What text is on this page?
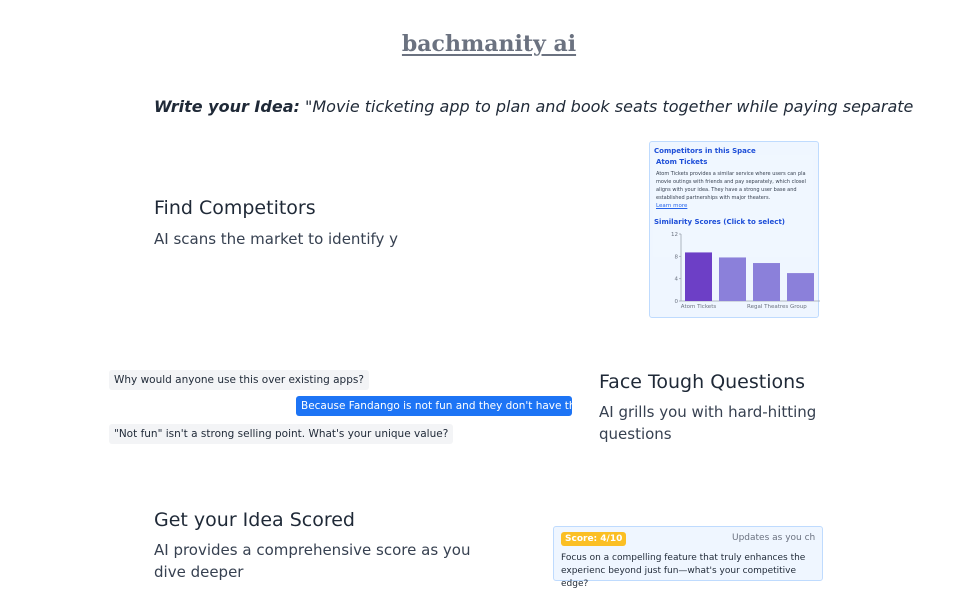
bachmanity ai
Write your Idea: "Movie ticketing app to plan and book seats together while paying separate
Find Competitors
AI scans the market to identify y
Competitors in this Space
Atom Tickets
Atom Tickets provides a similar service where users can pla movie outings with friends and pay separately, which closel aligns with your idea. They have a strong user base and established partnerships with major theaters.
Learn more
Similarity Scores (Click to select)
0
4
8
12
Atom Tickets	Regal Theatres Group
Why would anyone use this over existing apps?
Because Fandango is not fun and they don't have that feature..
"Not fun" isn't a strong selling point. What's your unique value?
Face Tough Questions
AI grills you with hard-hitting questions
Get your Idea Scored
AI provides a comprehensive score as you dive deeper
Score: 4/10	Updates as you ch
Focus on a compelling feature that truly enhances the experienc beyond just fun—what's your competitive edge?
